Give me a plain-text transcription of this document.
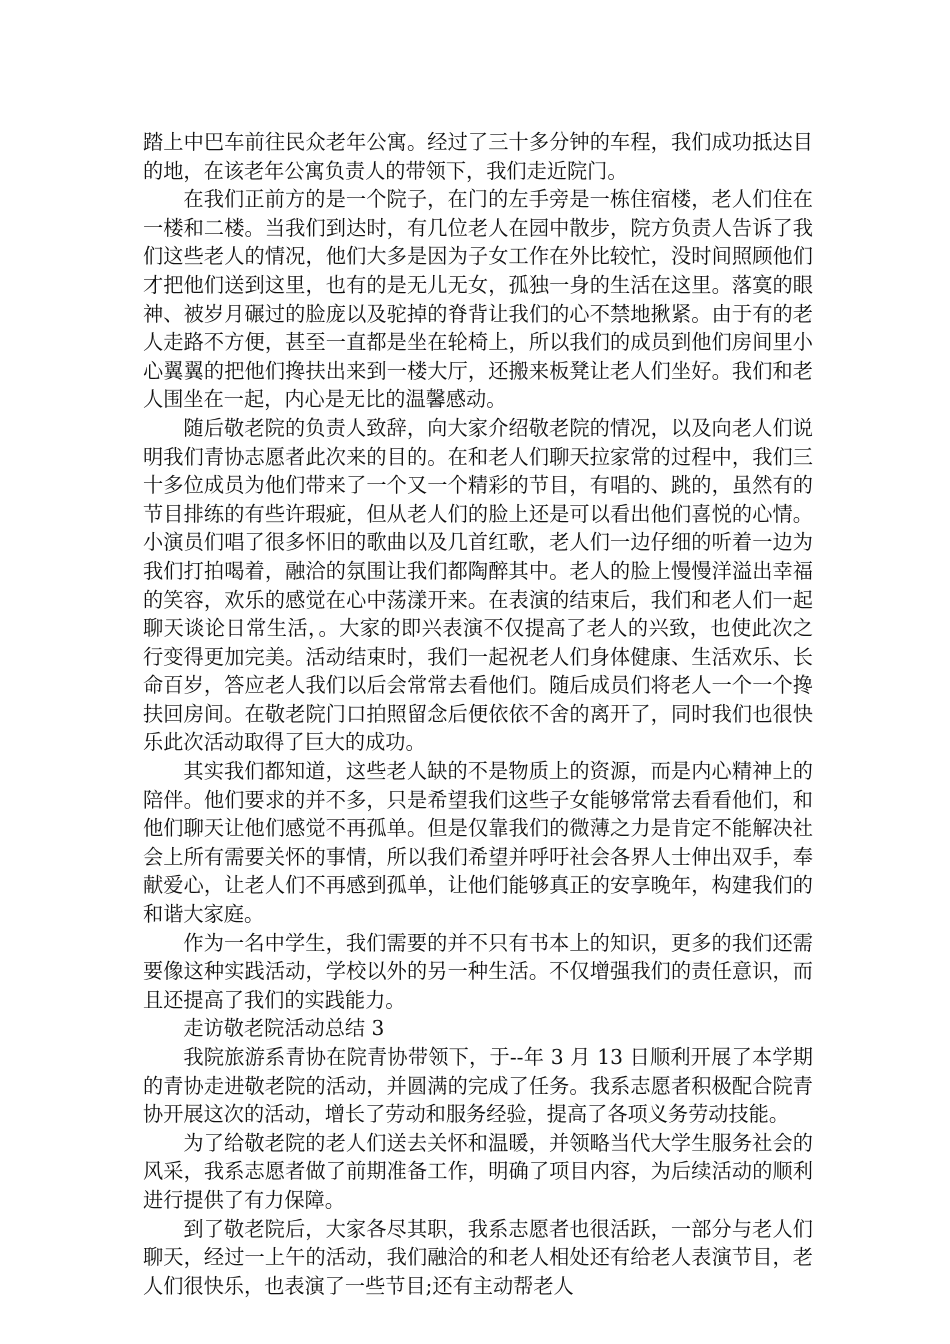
踏上中巴车前往民众老年公寓。经过了三十多分钟的车程，我们成功抵达目的地，在该老年公寓负责人的带领下，我们走近院门。

在我们正前方的是一个院子，在门的左手旁是一栋住宿楼，老人们住在一楼和二楼。当我们到达时，有几位老人在园中散步，院方负责人告诉了我们这些老人的情况，他们大多是因为子女工作在外比较忙，没时间照顾他们才把他们送到这里，也有的是无儿无女，孤独一身的生活在这里。落寞的眼神、被岁月碾过的脸庞以及驼掉的脊背让我们的心不禁地揪紧。由于有的老人走路不方便，甚至一直都是坐在轮椅上，所以我们的成员到他们房间里小心翼翼的把他们搀扶出来到一楼大厅，还搬来板凳让老人们坐好。我们和老人围坐在一起，内心是无比的温馨感动。

随后敬老院的负责人致辞，向大家介绍敬老院的情况，以及向老人们说明我们青协志愿者此次来的目的。在和老人们聊天拉家常的过程中，我们三十多位成员为他们带来了一个又一个精彩的节目，有唱的、跳的，虽然有的节目排练的有些许瑕疵，但从老人们的脸上还是可以看出他们喜悦的心情。小演员们唱了很多怀旧的歌曲以及几首红歌，老人们一边仔细的听着一边为我们打拍喝着，融洽的氛围让我们都陶醉其中。老人的脸上慢慢洋溢出幸福的笑容，欢乐的感觉在心中荡漾开来。在表演的结束后，我们和老人们一起聊天谈论日常生活，。大家的即兴表演不仅提高了老人的兴致，也使此次之行变得更加完美。活动结束时，我们一起祝老人们身体健康、生活欢乐、长命百岁，答应老人我们以后会常常去看他们。随后成员们将老人一个一个搀扶回房间。在敬老院门口拍照留念后便依依不舍的离开了，同时我们也很快乐此次活动取得了巨大的成功。

其实我们都知道，这些老人缺的不是物质上的资源，而是内心精神上的陪伴。他们要求的并不多，只是希望我们这些子女能够常常去看看他们，和他们聊天让他们感觉不再孤单。但是仅靠我们的微薄之力是肯定不能解决社会上所有需要关怀的事情，所以我们希望并呼吁社会各界人士伸出双手，奉献爱心，让老人们不再感到孤单，让他们能够真正的安享晚年，构建我们的和谐大家庭。

作为一名中学生，我们需要的并不只有书本上的知识，更多的我们还需要像这种实践活动，学校以外的另一种生活。不仅增强我们的责任意识，而且还提高了我们的实践能力。

走访敬老院活动总结 3

我院旅游系青协在院青协带领下，于--年 3 月 13 日顺利开展了本学期的青协走进敬老院的活动，并圆满的完成了任务。我系志愿者积极配合院青协开展这次的活动，增长了劳动和服务经验，提高了各项义务劳动技能。

为了给敬老院的老人们送去关怀和温暖，并领略当代大学生服务社会的风采，我系志愿者做了前期准备工作，明确了项目内容，为后续活动的顺利进行提供了有力保障。

到了敬老院后，大家各尽其职，我系志愿者也很活跃，一部分与老人们聊天，经过一上午的活动，我们融洽的和老人相处还有给老人表演节目，老人们很快乐，也表演了一些节目;还有主动帮老人
